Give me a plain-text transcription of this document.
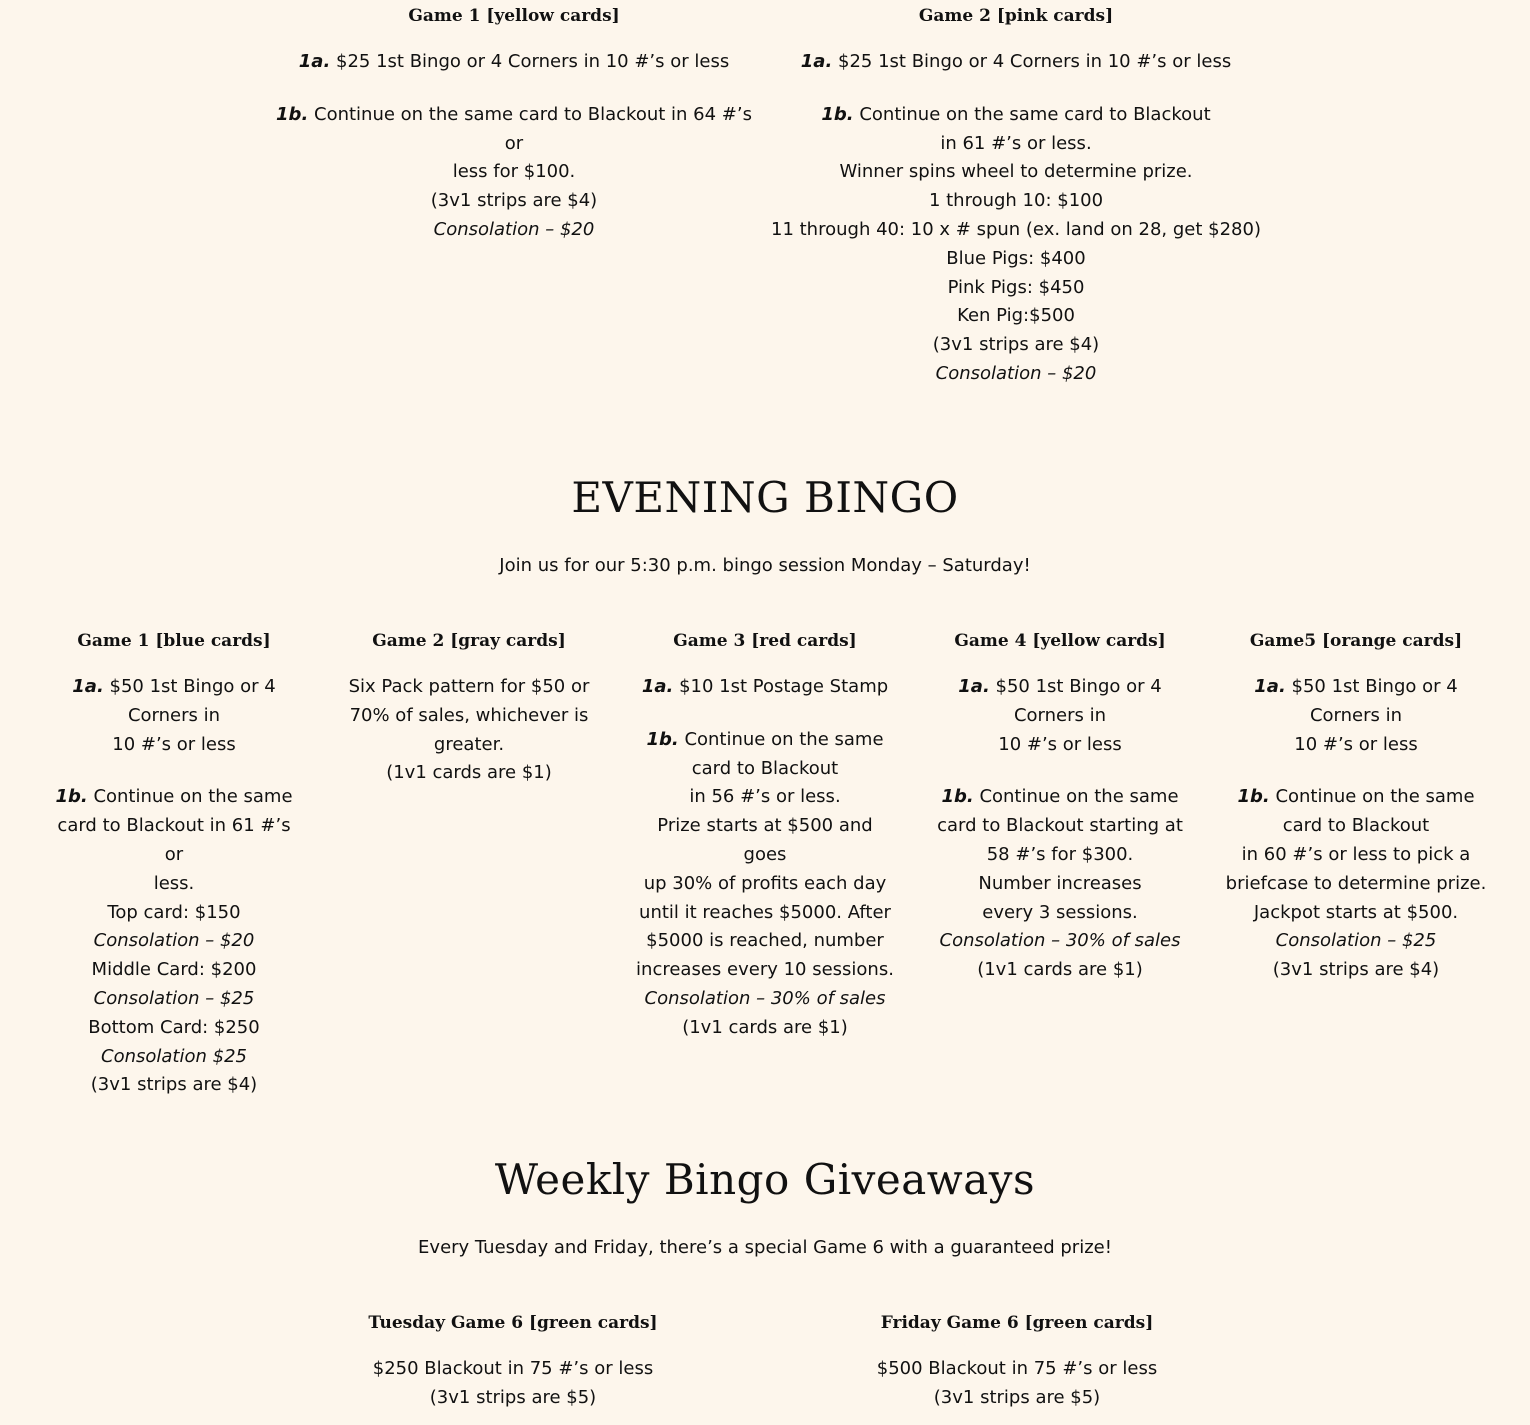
Game 1 [yellow cards]

1a. $25 1st Bingo or 4 Corners in 10 #’s or less

1b. Continue on the same card to Blackout in 64 #’s or
less for $100.
(3v1 strips are $4)
Consolation – $20

Game 2 [pink cards]

1a. $25 1st Bingo or 4 Corners in 10 #’s or less

1b. Continue on the same card to Blackout
in 61 #’s or less.
Winner spins wheel to determine prize.
1 through 10: $100
11 through 40: 10 x # spun (ex. land on 28, get $280)
Blue Pigs: $400
Pink Pigs: $450
Ken Pig:$500
(3v1 strips are $4)
Consolation – $20

EVENING BINGO

Join us for our 5:30 p.m. bingo session Monday – Saturday!

Game 1 [blue cards]

1a. $50 1st Bingo or 4
Corners in
10 #’s or less

1b. Continue on the same
card to Blackout in 61 #’s or
less.
Top card: $150
Consolation – $20
Middle Card: $200
Consolation – $25
Bottom Card: $250
Consolation $25
(3v1 strips are $4)

Game 2 [gray cards]

Six Pack pattern for $50 or
70% of sales, whichever is
greater.
(1v1 cards are $1)

Game 3 [red cards]

1a. $10 1st Postage Stamp

1b. Continue on the same
card to Blackout
in 56 #’s or less.
Prize starts at $500 and goes
up 30% of profits each day
until it reaches $5000. After
$5000 is reached, number
increases every 10 sessions.
Consolation – 30% of sales
(1v1 cards are $1)

Game 4 [yellow cards]

1a. $50 1st Bingo or 4
Corners in
10 #’s or less

1b. Continue on the same
card to Blackout starting at
58 #’s for $300.
Number increases
every 3 sessions.
Consolation – 30% of sales
(1v1 cards are $1)

Game5 [orange cards]

1a. $50 1st Bingo or 4
Corners in
10 #’s or less

1b. Continue on the same
card to Blackout
in 60 #’s or less to pick a
briefcase to determine prize.
Jackpot starts at $500.
Consolation – $25
(3v1 strips are $4)

Weekly Bingo Giveaways

Every Tuesday and Friday, there’s a special Game 6 with a guaranteed prize!

Tuesday Game 6 [green cards]

$250 Blackout in 75 #’s or less
(3v1 strips are $5)

Friday Game 6 [green cards]

$500 Blackout in 75 #’s or less
(3v1 strips are $5)
